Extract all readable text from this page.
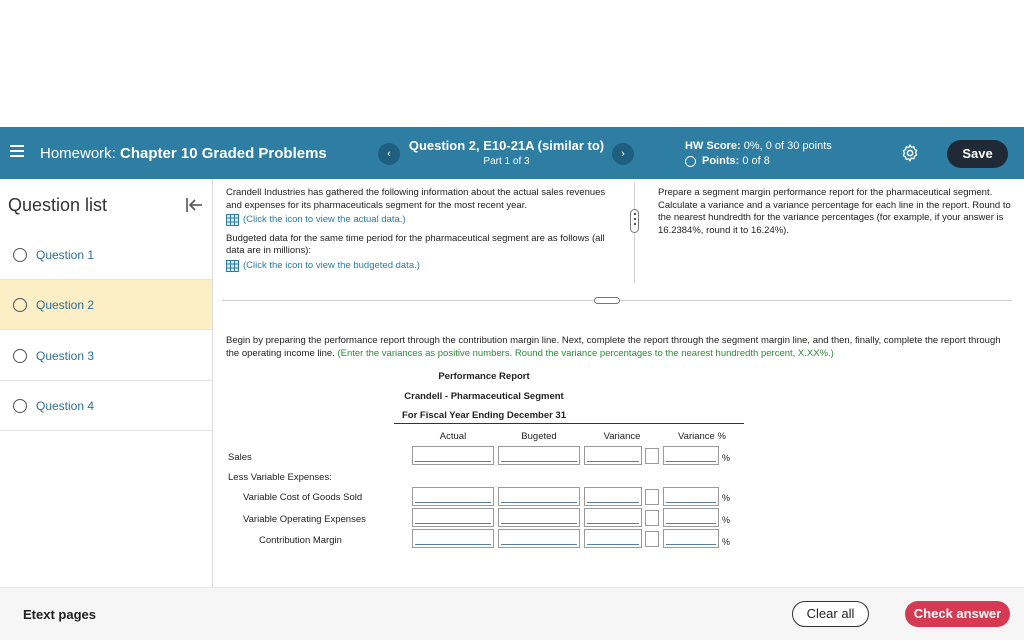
Homework: Chapter 10 Graded Problems	‹
Question 2, E10-21A (similar to)
Part 1 of 3
›
HW Score: 0%, 0 of 30 points
Points:
0 of 8	Save
Question list
Question 1
Question 2
Question 3
Question 4
Crandell Industries has gathered the following information about the actual sales revenues and expenses for its pharmaceuticals segment for the most recent year.
(Click the icon to view the actual data.)
Budgeted data for the same time period for the pharmaceutical segment are as follows (all data are in millions):
(Click the icon to view the budgeted data.)
Prepare a segment margin performance report for the pharmaceutical segment. Calculate a variance and a variance percentage for each line in the report. Round to the nearest hundredth for the variance percentages (for example, if your answer is 16.2384%, round it to 16.24%).
Begin by preparing the performance report through the contribution margin line. Next, complete the report through the segment margin line, and then, finally, complete the report through the operating income line. (Enter the variances as positive numbers. Round the variance percentages to the nearest hundredth percent, X.XX%.)
Performance Report
Crandell - Pharmaceutical Segment
For Fiscal Year Ending December 31
Actual	Bugeted	Variance	Variance %
Sales	%
Less Variable Expenses:
Variable Cost of Goods Sold	%
Variable Operating Expenses	%
Contribution Margin	%
Etext pages	Clear all	Check answer
